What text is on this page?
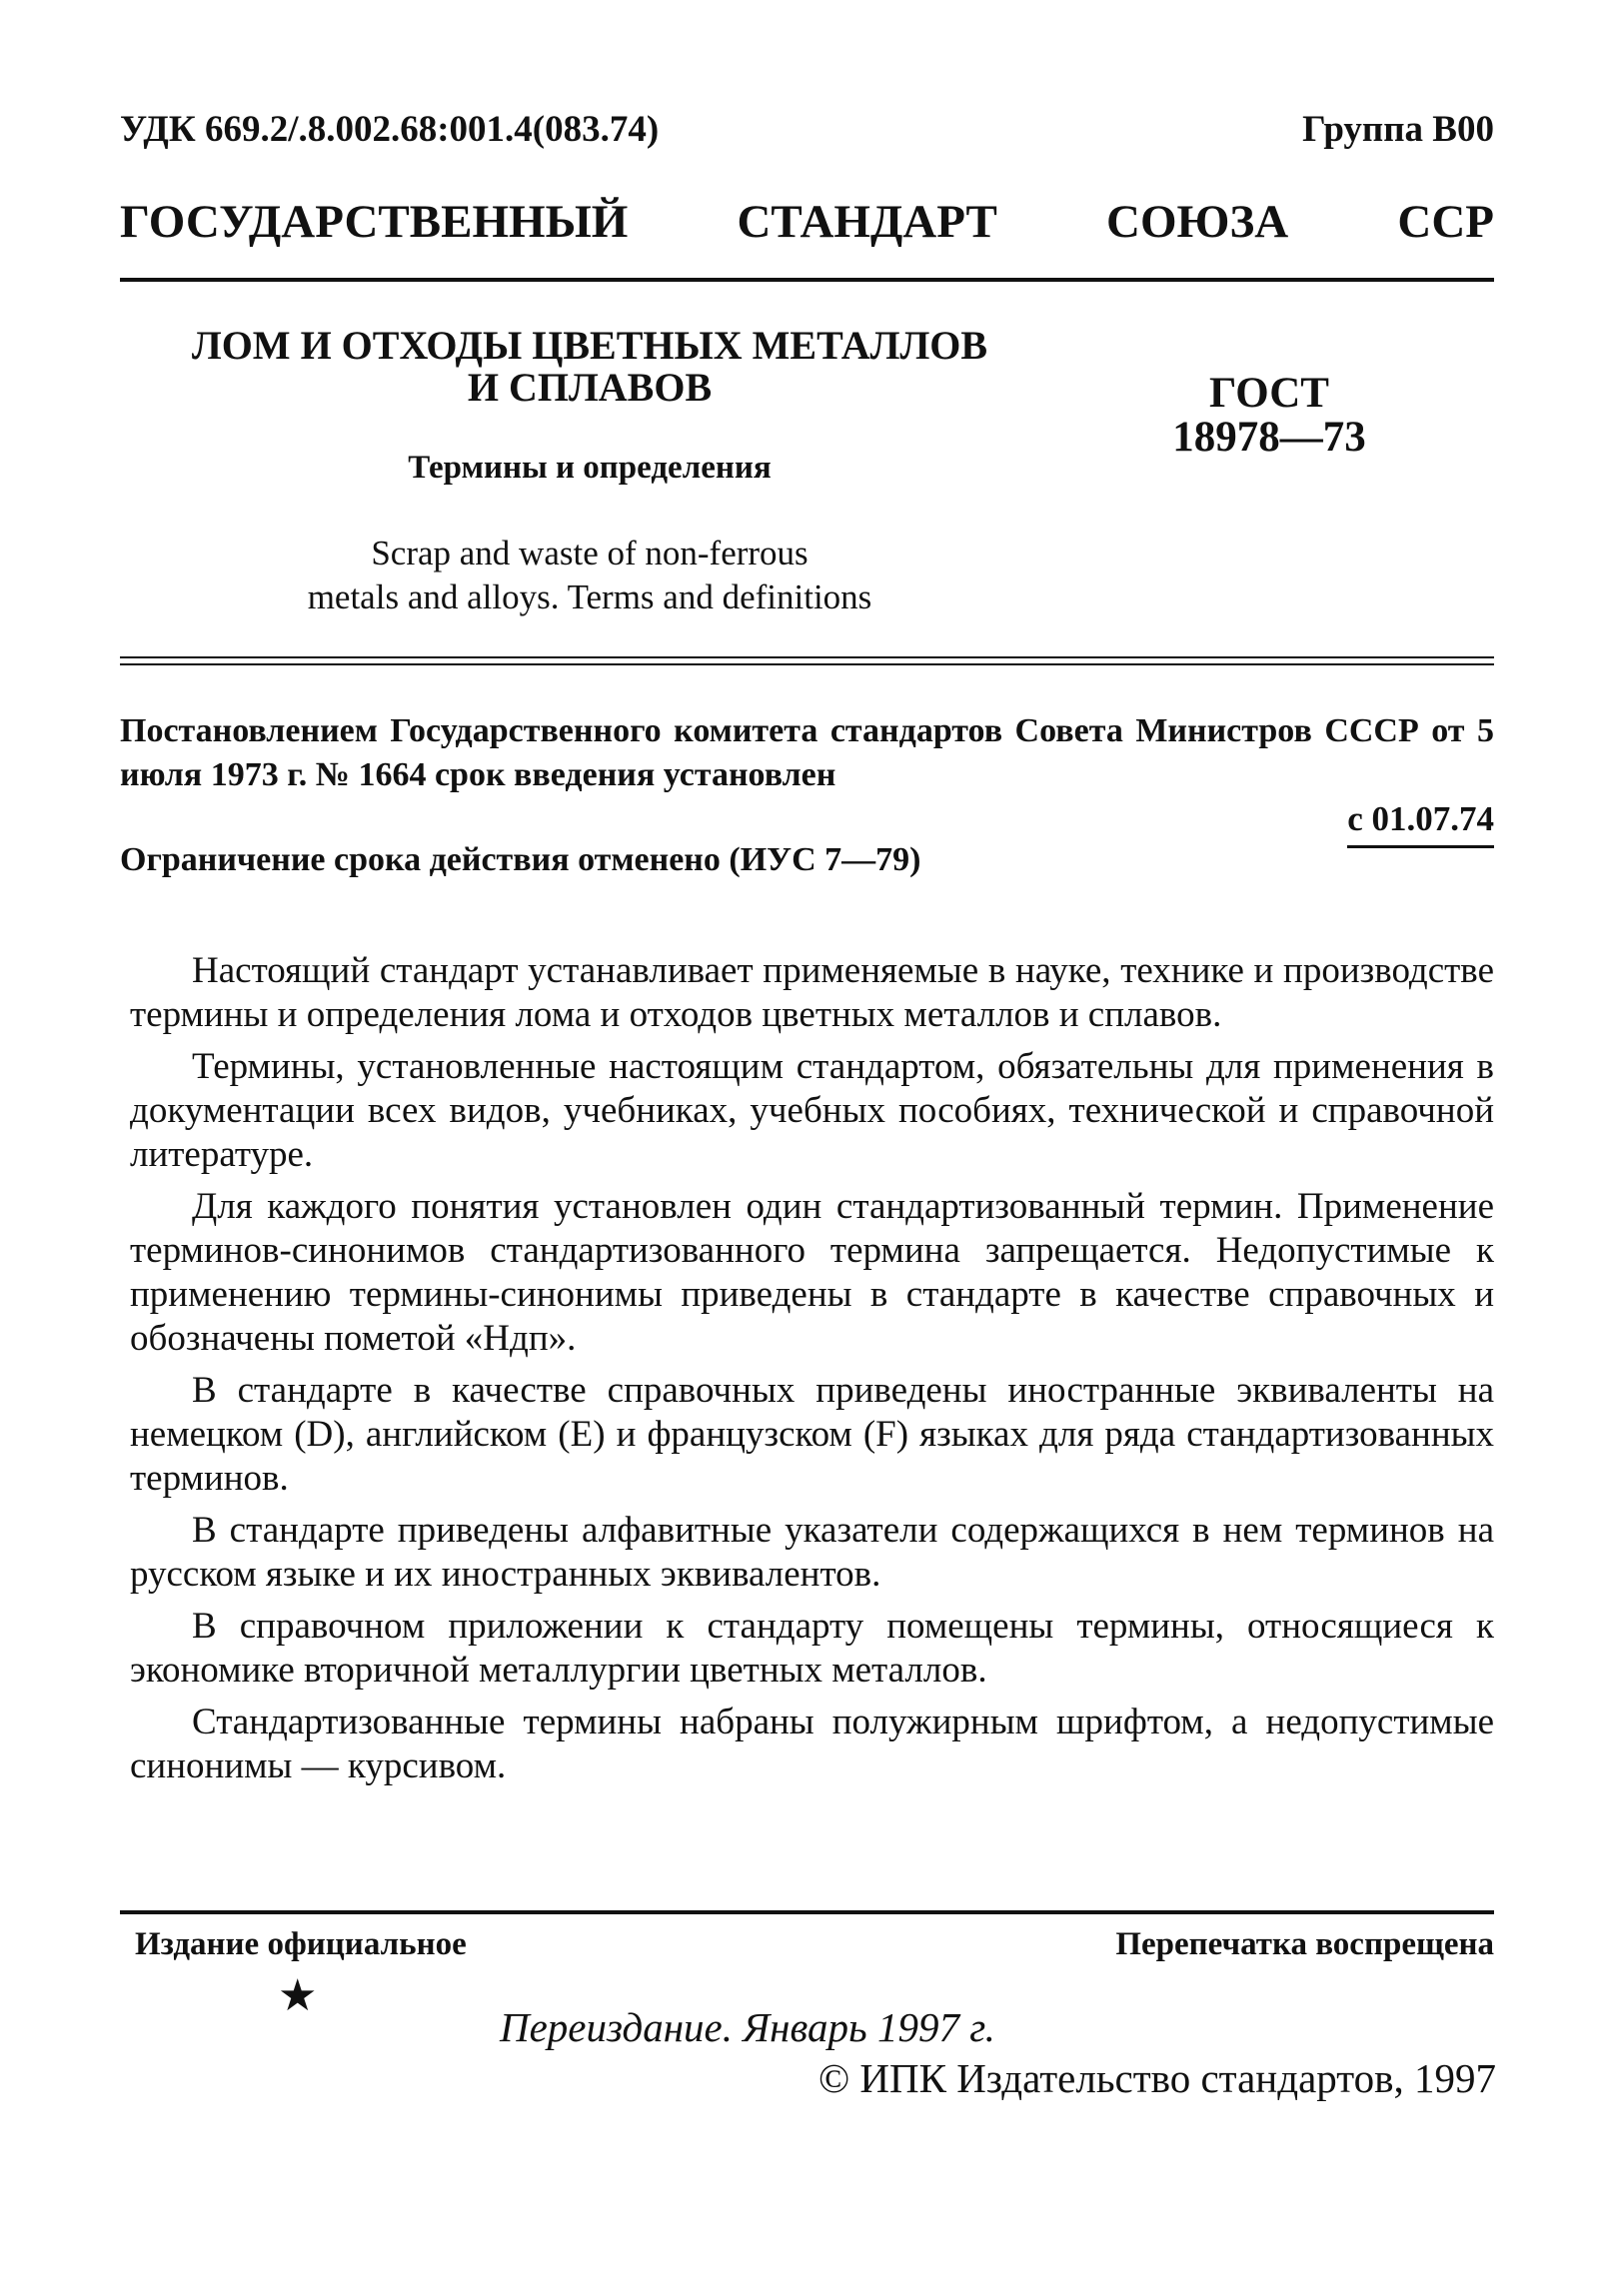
УДК 669.2/.8.002.68:001.4(083.74)	Группа В00
ГОСУДАРСТВЕННЫЙ СТАНДАРТ СОЮЗА ССР
ЛОМ И ОТХОДЫ ЦВЕТНЫХ МЕТАЛЛОВ
И СПЛАВОВ
Термины и определения
Scrap and waste of non-ferrous
metals and alloys. Terms and definitions
ГОСТ
18978—73
Постановлением Государственного комитета стандартов Совета Министров СССР от 5 июля 1973 г. № 1664 срок введения установлен
с 01.07.74
Ограничение срока действия отменено (ИУС 7—79)

Настоящий стандарт устанавливает применяемые в науке, технике и производстве термины и определения лома и отходов цветных металлов и сплавов.

Термины, установленные настоящим стандартом, обязательны для применения в документации всех видов, учебниках, учебных пособиях, технической и справочной литературе.

Для каждого понятия установлен один стандартизованный термин. Применение терминов-синонимов стандартизованного термина запрещается. Недопустимые к применению термины-синонимы приведены в стандарте в качестве справочных и обозначены пометой «Ндп».

В стандарте в качестве справочных приведены иностранные эквиваленты на немецком (D), английском (E) и французском (F) языках для ряда стандартизованных терминов.

В стандарте приведены алфавитные указатели содержащихся в нем терминов на русском языке и их иностранных эквивалентов.

В справочном приложении к стандарту помещены термины, относящиеся к экономике вторичной металлургии цветных металлов.

Стандартизованные термины набраны полужирным шрифтом, а недопустимые синонимы — курсивом.

Издание официальное	Перепечатка воспрещена
★
Переиздание. Январь 1997 г.
© ИПК Издательство стандартов, 1997
